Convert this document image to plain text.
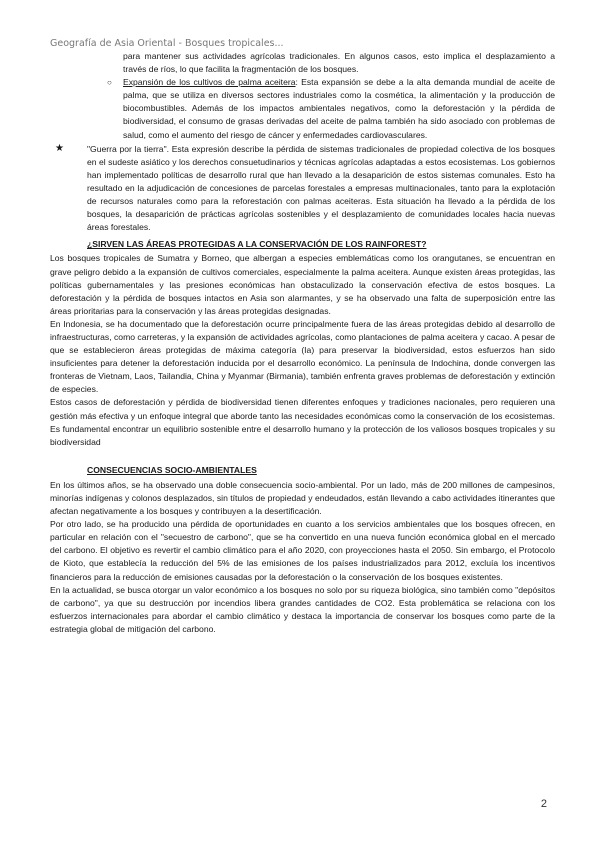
Geografía de Asia Oriental - Bosques tropicales...

para mantener sus actividades agrícolas tradicionales. En algunos casos, esto implica el desplazamiento a través de ríos, lo que facilita la fragmentación de los bosques.

○ Expansión de los cultivos de palma aceitera: Esta expansión se debe a la alta demanda mundial de aceite de palma, que se utiliza en diversos sectores industriales como la cosmética, la alimentación y la producción de biocombustibles. Además de los impactos ambientales negativos, como la deforestación y la pérdida de biodiversidad, el consumo de grasas derivadas del aceite de palma también ha sido asociado con problemas de salud, como el aumento del riesgo de cáncer y enfermedades cardiovasculares.
★	"Guerra por la tierra". Esta expresión describe la pérdida de sistemas tradicionales de propiedad colectiva de los bosques en el sudeste asiático y los derechos consuetudinarios y técnicas agrícolas adaptadas a estos ecosistemas. Los gobiernos han implementado políticas de desarrollo rural que han llevado a la desaparición de estos sistemas comunales. Esto ha resultado en la adjudicación de concesiones de parcelas forestales a empresas multinacionales, tanto para la explotación de recursos naturales como para la reforestación con palmas aceiteras. Esta situación ha llevado a la pérdida de los bosques, la desaparición de prácticas agrícolas sostenibles y el desplazamiento de comunidades locales hacia nuevas áreas forestales.

¿SIRVEN LAS ÁREAS PROTEGIDAS A LA CONSERVACIÓN DE LOS RAINFOREST?

Los bosques tropicales de Sumatra y Borneo, que albergan a especies emblemáticas como los orangutanes, se encuentran en grave peligro debido a la expansión de cultivos comerciales, especialmente la palma aceitera. Aunque existen áreas protegidas, las políticas gubernamentales y las presiones económicas han obstaculizado la conservación efectiva de estos bosques. La deforestación y la pérdida de bosques intactos en Asia son alarmantes, y se ha observado una falta de superposición entre las áreas prioritarias para la conservación y las áreas protegidas designadas.

En Indonesia, se ha documentado que la deforestación ocurre principalmente fuera de las áreas protegidas debido al desarrollo de infraestructuras, como carreteras, y la expansión de actividades agrícolas, como plantaciones de palma aceitera y cacao. A pesar de que se establecieron áreas protegidas de máxima categoría (Ia) para preservar la biodiversidad, estos esfuerzos han sido insuficientes para detener la deforestación inducida por el desarrollo económico. La península de Indochina, donde convergen las fronteras de Vietnam, Laos, Tailandia, China y Myanmar (Birmania), también enfrenta graves problemas de deforestación y extinción de especies.

Estos casos de deforestación y pérdida de biodiversidad tienen diferentes enfoques y tradiciones nacionales, pero requieren una gestión más efectiva y un enfoque integral que aborde tanto las necesidades económicas como la conservación de los ecosistemas. Es fundamental encontrar un equilibrio sostenible entre el desarrollo humano y la protección de los valiosos bosques tropicales y su biodiversidad

CONSECUENCIAS SOCIO-AMBIENTALES

En los últimos años, se ha observado una doble consecuencia socio-ambiental. Por un lado, más de 200 millones de campesinos, minorías indígenas y colonos desplazados, sin títulos de propiedad y endeudados, están llevando a cabo actividades itinerantes que afectan negativamente a los bosques y contribuyen a la desertificación.

Por otro lado, se ha producido una pérdida de oportunidades en cuanto a los servicios ambientales que los bosques ofrecen, en particular en relación con el "secuestro de carbono", que se ha convertido en una nueva función económica global en el mercado del carbono. El objetivo es revertir el cambio climático para el año 2020, con proyecciones hasta el 2050. Sin embargo, el Protocolo de Kioto, que establecía la reducción del 5% de las emisiones de los países industrializados para 2012, excluía los incentivos financieros para la reducción de emisiones causadas por la deforestación o la conservación de los bosques existentes.

En la actualidad, se busca otorgar un valor económico a los bosques no solo por su riqueza biológica, sino también como "depósitos de carbono", ya que su destrucción por incendios libera grandes cantidades de CO2. Esta problemática se relaciona con los esfuerzos internacionales para abordar el cambio climático y destaca la importancia de conservar los bosques como parte de la estrategia global de mitigación del carbono.

2
